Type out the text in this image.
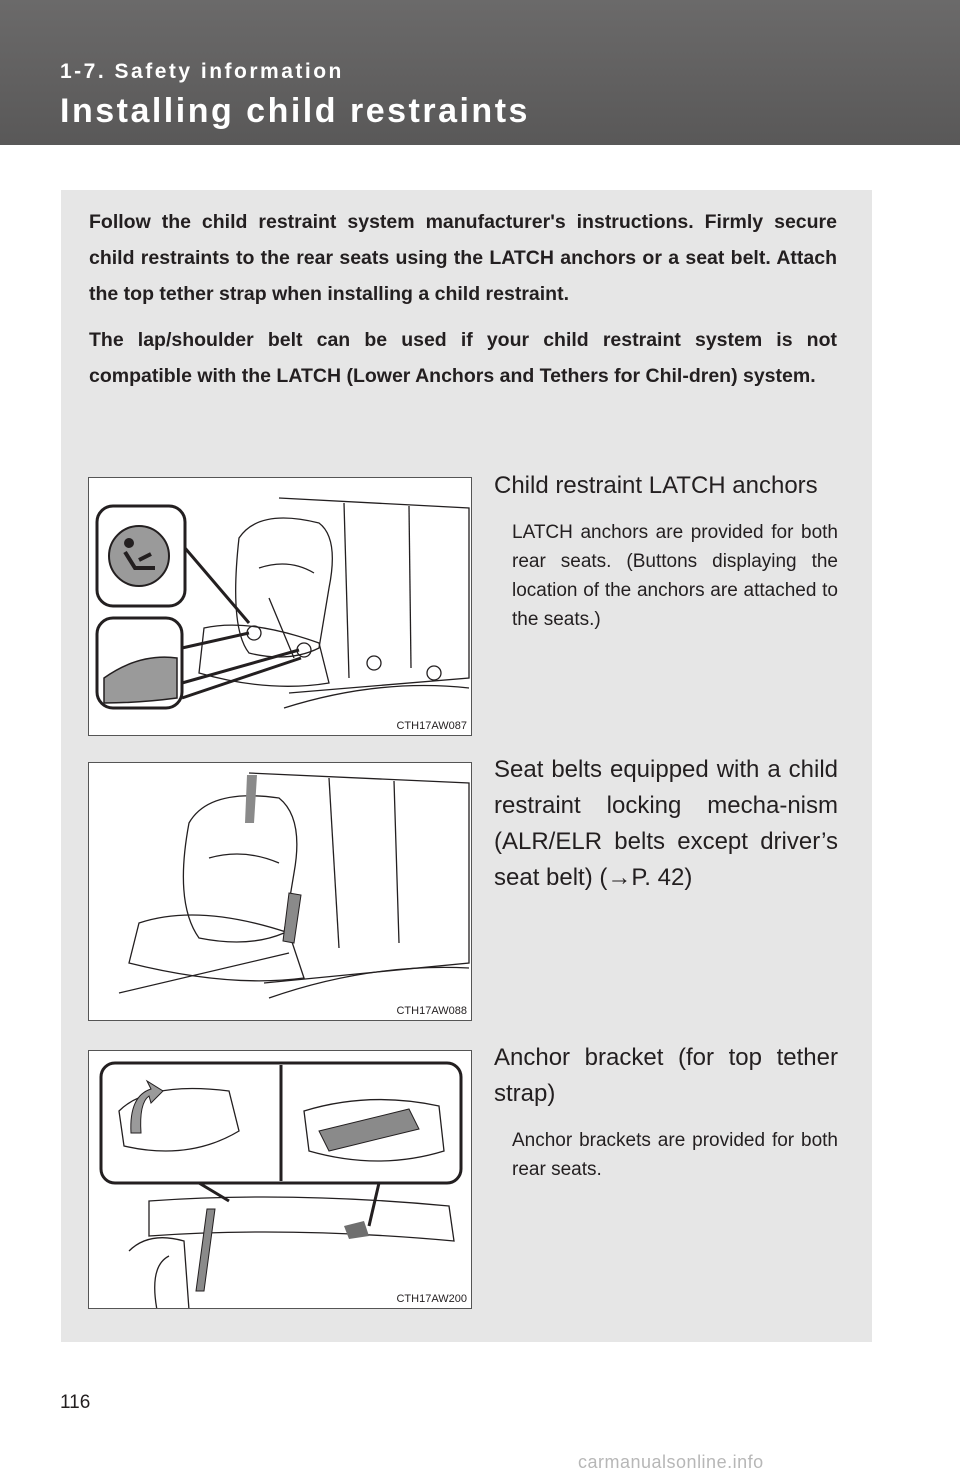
1-7. Safety information
Installing child restraints

Follow the child restraint system manufacturer's instructions. Firmly secure child restraints to the rear seats using the LATCH anchors or a seat belt. Attach the top tether strap when installing a child restraint.

The lap/shoulder belt can be used if your child restraint system is not compatible with the LATCH (Lower Anchors and Tethers for Chil-dren) system.

CTH17AW087
Child restraint LATCH anchors
LATCH anchors are provided for both rear seats. (Buttons displaying the location of the anchors are attached to the seats.)
CTH17AW088
Seat belts equipped with a child restraint locking mecha-nism (ALR/ELR belts except driver’s seat belt) (→P. 42)
CTH17AW200
Anchor bracket (for top tether strap)
Anchor brackets are provided for both rear seats.
116
carmanualsonline.info
